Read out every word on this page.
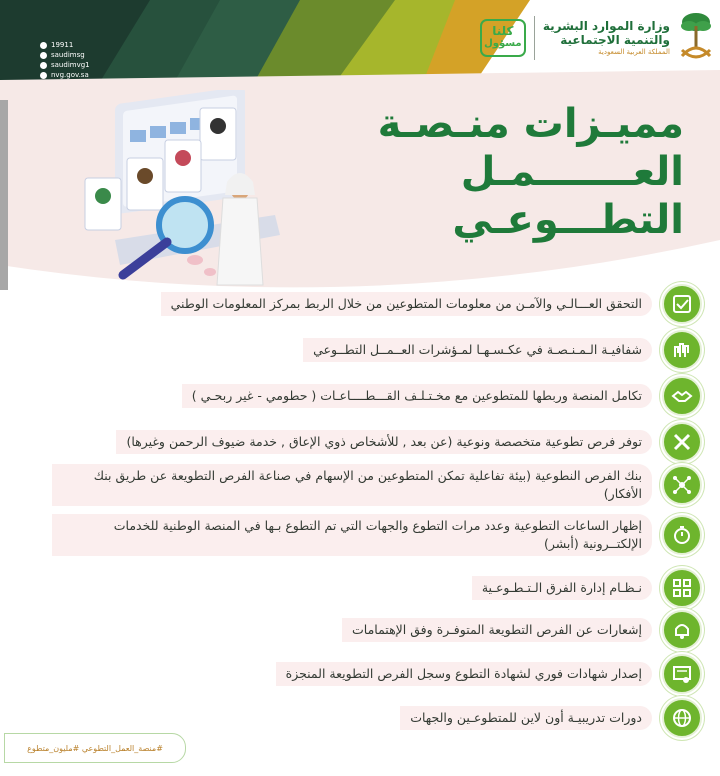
19911
saudimsg
saudimvg1
nvg.gov.sa
وزارة الموارد البشرية
والتنمية الاجتماعية
المملكة العربية السعودية
كلنا
مسؤول
مميـزات منـصـة
العـــــــمـل
التطـــوعـي
التحقق العـــالـي والآمـن من معلومات المتطوعين من خلال الربط بمركز المعلومات الوطني
شفافيـة الـمـنـصـة في عكـسـهـا لمـؤشرات العــمــل التطــوعي
تكامل المنصة وربطها للمتطوعين مع مخـتـلـف القـــطــــاعـات ( حطومي - غير ربحـي )
توفر فرص تطوعية متخصصة ونوعية (عن بعد , للأشخاص ذوي الإعاق , خدمة ضيوف الرحمن وغيرها)
بنك الفرص النطوعية (بيئة تفاعلية تمكن المتطوعين من الإسهام في صناعة الفرص التطويعة عن طريق بنك الأفكار)
إظهار الساعات التطوعية وعدد مرات التطوع والجهات التي تم التطوع بـها في المنصة الوطنية للخدمات الإلكتــرونية (أبشر)
نـظـام إدارة الفرق الـتـطـوعـية
إشعارات عن الفرص التطويعة المتوفـرة وفق الإهتمامات
إصدار شهادات فوري لشهادة التطوع وسجل الفرص التطويعة المنجزة
دورات تدريبيـة أون لاين للمتطوعـين والجهات
#منصة_العمل_التطوعي #مليون_متطوع
